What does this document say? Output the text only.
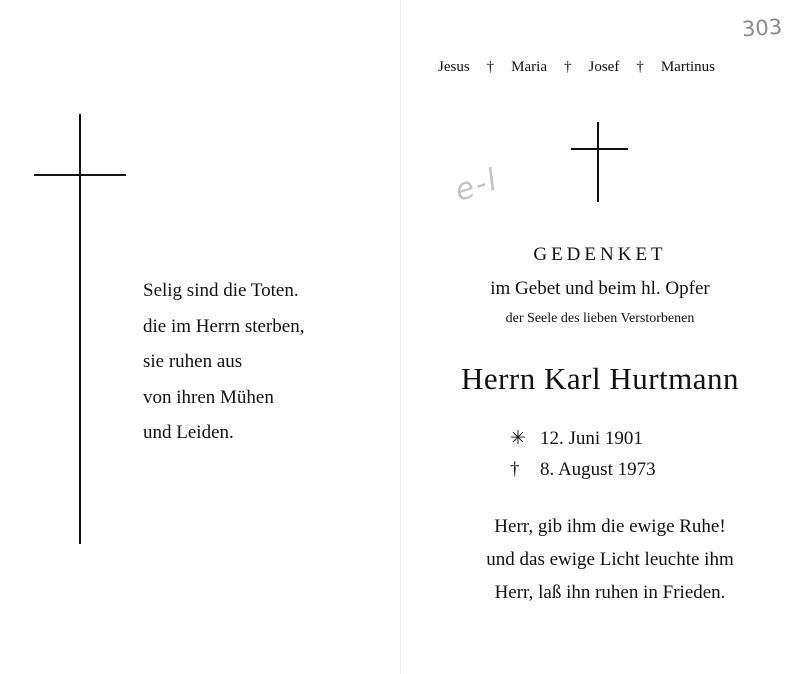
Selig sind die Toten.
die im Herrn sterben,
sie ruhen aus
von ihren Mühen
und Leiden.
303
e-l
Jesus † Maria † Josef † Martinus
GEDENKET
im Gebet und beim hl. Opfer
der Seele des lieben Verstorbenen
Herrn Karl Hurtmann
✳ 12. Juni 1901
† 8. August 1973
Herr, gib ihm die ewige Ruhe!
und das ewige Licht leuchte ihm
Herr, laß ihn ruhen in Frieden.
